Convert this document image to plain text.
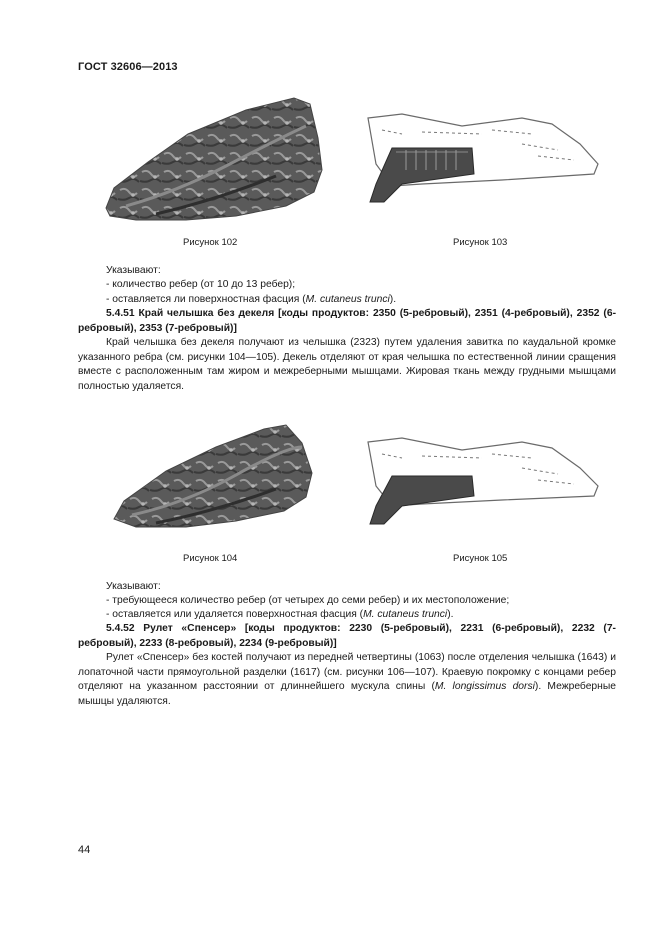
ГОСТ 32606—2013
Рисунок 102	Рисунок 103
Указывают:
- количество ребер (от 10 до 13 ребер);
- оставляется ли поверхностная фасция (M. cutaneus trunci).
5.4.51 Край челышка без декеля [коды продуктов: 2350 (5-ребровый), 2351 (4-ребровый), 2352 (6-ребровый), 2353 (7-ребровый)]
Край челышка без декеля получают из челышка (2323) путем удаления завитка по каудальной кромке указанного ребра (см. рисунки 104—105). Декель отделяют от края челышка по естественной линии сращения вместе с расположенным там жиром и межреберными мышцами. Жировая ткань между грудными мышцами полностью удаляется.
Рисунок 104	Рисунок 105
Указывают:
- требующееся количество ребер (от четырех до семи ребер) и их местоположение;
- оставляется или удаляется поверхностная фасция (M. cutaneus trunci).
5.4.52 Рулет «Спенсер» [коды продуктов: 2230 (5-ребровый), 2231 (6-ребровый), 2232 (7-ребровый), 2233 (8-ребровый), 2234 (9-ребровый)]
Рулет «Спенсер» без костей получают из передней четвертины (1063) после отделения челышка (1643) и лопаточной части прямоугольной разделки (1617) (см. рисунки 106—107). Краевую покромку с концами ребер отделяют на указанном расстоянии от длиннейшего мускула спины (M. longissimus dorsi). Межреберные мышцы удаляются.
44
